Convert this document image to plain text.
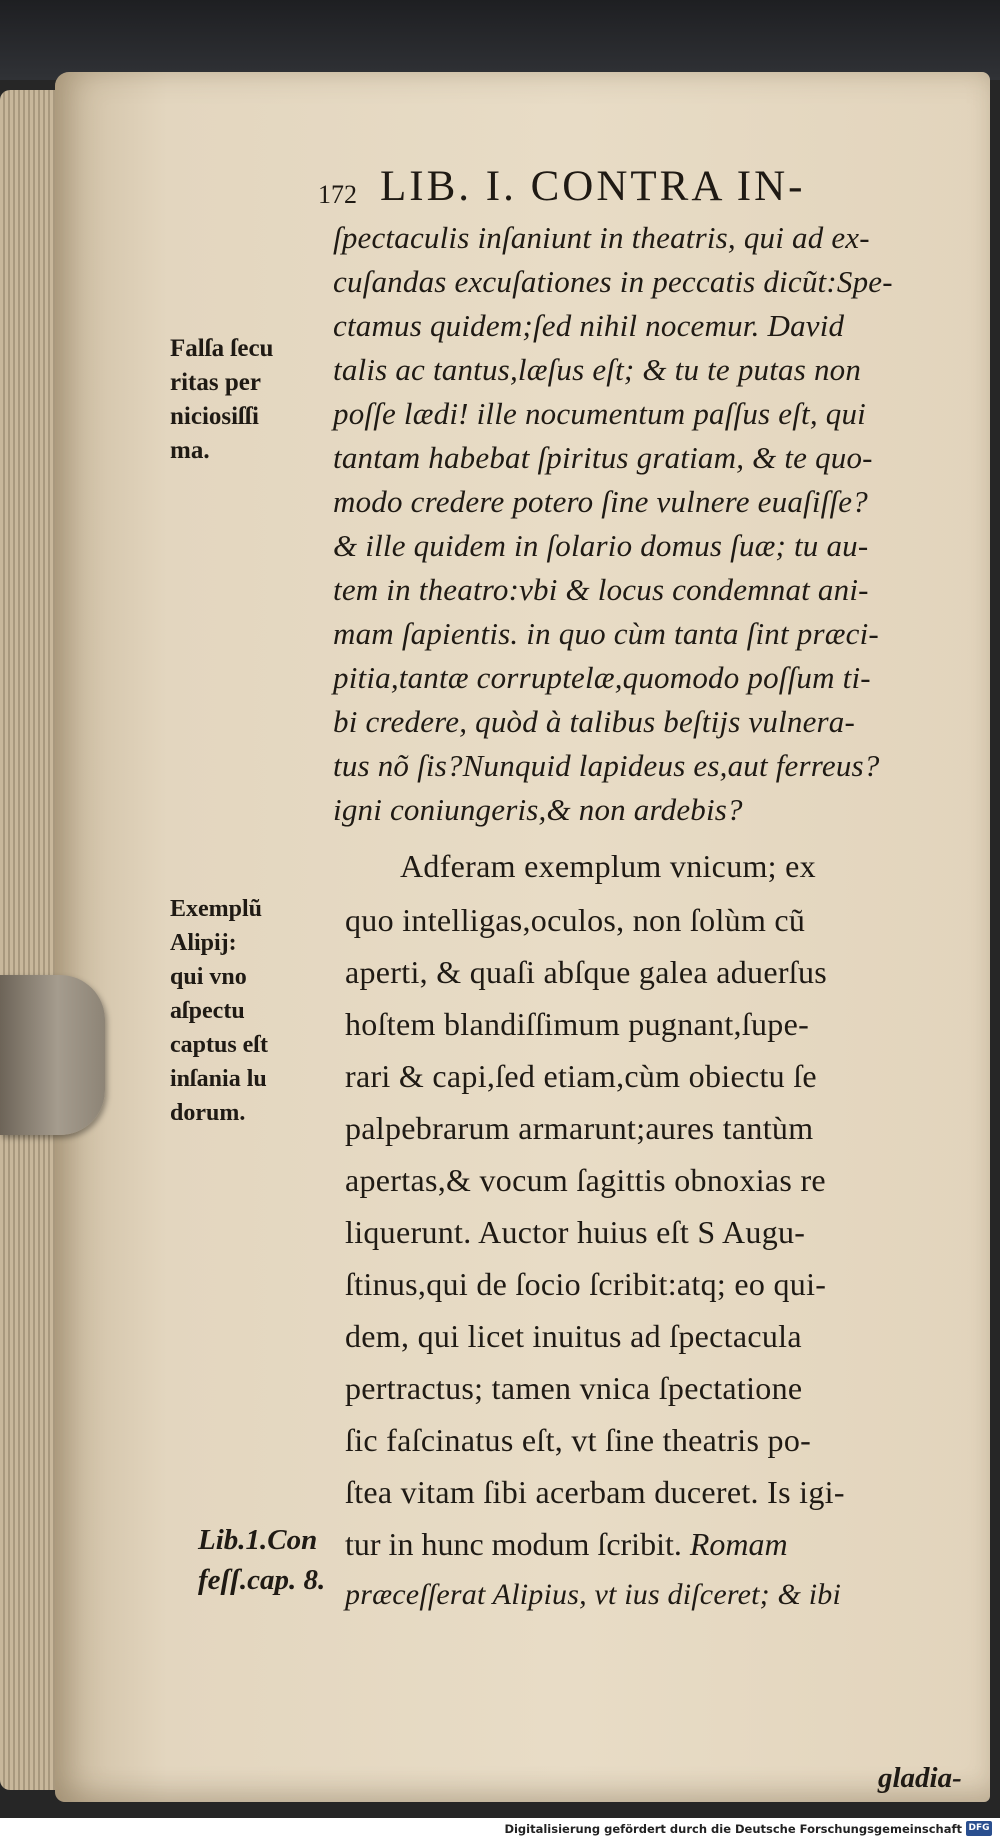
172 LIB. I. CONTRA IN-
ſpectaculis inſaniunt in theatris, qui ad ex-
cuſandas excuſationes in peccatis dicũt:Spe-
ctamus quidem;ſed nihil nocemur. David
talis ac tantus,læſus eſt; & tu te putas non
poſſe lædi! ille nocumentum paſſus eſt, qui
tantam habebat ſpiritus gratiam, & te quo-
modo credere potero ſine vulnere euaſiſſe?
& ille quidem in ſolario domus ſuæ; tu au-
tem in theatro:vbi & locus condemnat ani-
mam ſapientis. in quo cùm tanta ſint præci-
pitia,tantæ corruptelæ,quomodo poſſum ti-
bi credere, quòd à talibus beſtijs vulnera-
tus nõ ſis?Nunquid lapideus es,aut ferreus?
igni coniungeris,& non ardebis?
Adferam exemplum vnicum; ex
quo intelligas,oculos, non ſolùm cũ
aperti, & quaſi abſque galea aduerſus
hoſtem blandiſſimum pugnant,ſupe-
rari & capi,ſed etiam,cùm obiectu ſe
palpebrarum armarunt;aures tantùm
apertas,& vocum ſagittis obnoxias re
liquerunt. Auctor huius eſt S Augu-
ſtinus,qui de ſocio ſcribit:atq; eo qui-
dem, qui licet inuitus ad ſpectacula
pertractus; tamen vnica ſpectatione
ſic faſcinatus eſt, vt ſine theatris po-
ſtea vitam ſibi acerbam duceret. Is igi-
tur in hunc modum ſcribit. Romam
præceſſerat Alipius, vt ius diſceret; & ibi
Falſa ſecu
ritas per
niciosiſſi
ma.
Exemplũ
Alipij:
qui vno
aſpectu
captus eſt
inſania lu
dorum.
Lib.1.Con
feſſ.cap. 8.
gladia-
Digitalisierung gefördert durch die Deutsche Forschungsgemeinschaft DFG
